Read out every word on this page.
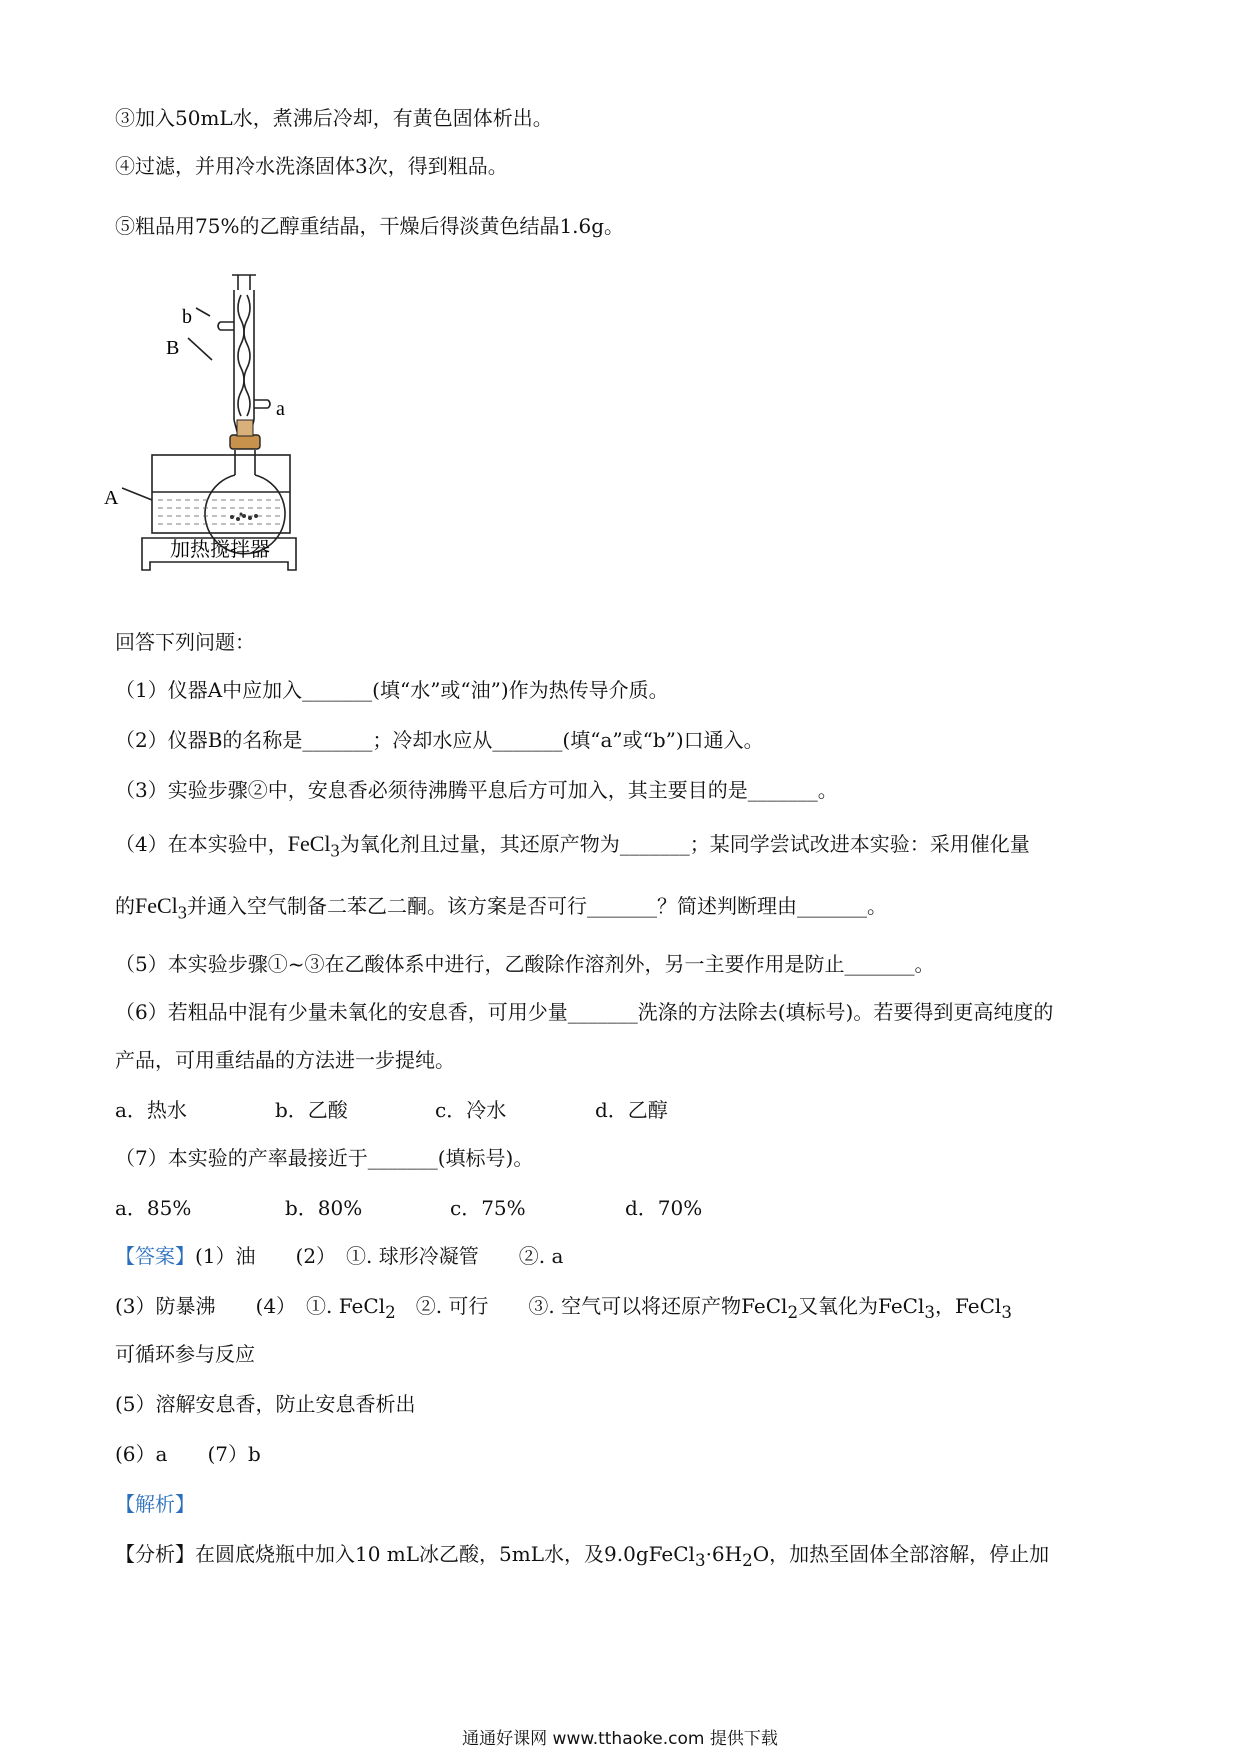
③加入50mL水，煮沸后冷却，有黄色固体析出。
④过滤，并用冷水洗涤固体3次，得到粗品。
⑤粗品用75%的乙醇重结晶，干燥后得淡黄色结晶1.6g。
b
B
a
A
加热搅拌器
回答下列问题：
（1）仪器A中应加入_______(填“水”或“油”)作为热传导介质。
（2）仪器B的名称是_______；冷却水应从_______(填“a”或“b”)口通入。
（3）实验步骤②中，安息香必须待沸腾平息后方可加入，其主要目的是_______。
（4）在本实验中，FeCl$_3$为氧化剂且过量，其还原产物为_______；某同学尝试改进本实验：采用催化量
的FeCl$_3$并通入空气制备二苯乙二酮。该方案是否可行_______？简述判断理由_______。
（5）本实验步骤①~③在乙酸体系中进行，乙酸除作溶剂外，另一主要作用是防止_______。
（6）若粗品中混有少量未氧化的安息香，可用少量_______洗涤的方法除去(填标号)。若要得到更高纯度的
产品，可用重结晶的方法进一步提纯。
a．热水	b．乙酸	c．冷水	d．乙醇
（7）本实验的产率最接近于_______(填标号)。
a．85%	b．80%	c．75%	d．70%
【答案】(1）油　　(2）　①. 球形冷凝管　　②. a
(3）防暴沸　　(4）　①. FeCl$_2$　②. 可行　　③. 空气可以将还原产物FeCl$_2$又氧化为FeCl$_3$，FeCl$_3$
可循环参与反应
(5）溶解安息香，防止安息香析出
(6）a　　(7）b
【解析】
【分析】在圆底烧瓶中加入10 mL冰乙酸，5mL水，及$9.0gFeCl_3\cdot 6H_2O$，加热至固体全部溶解，停止加
通通好课网 www.tthaoke.com 提供下载
